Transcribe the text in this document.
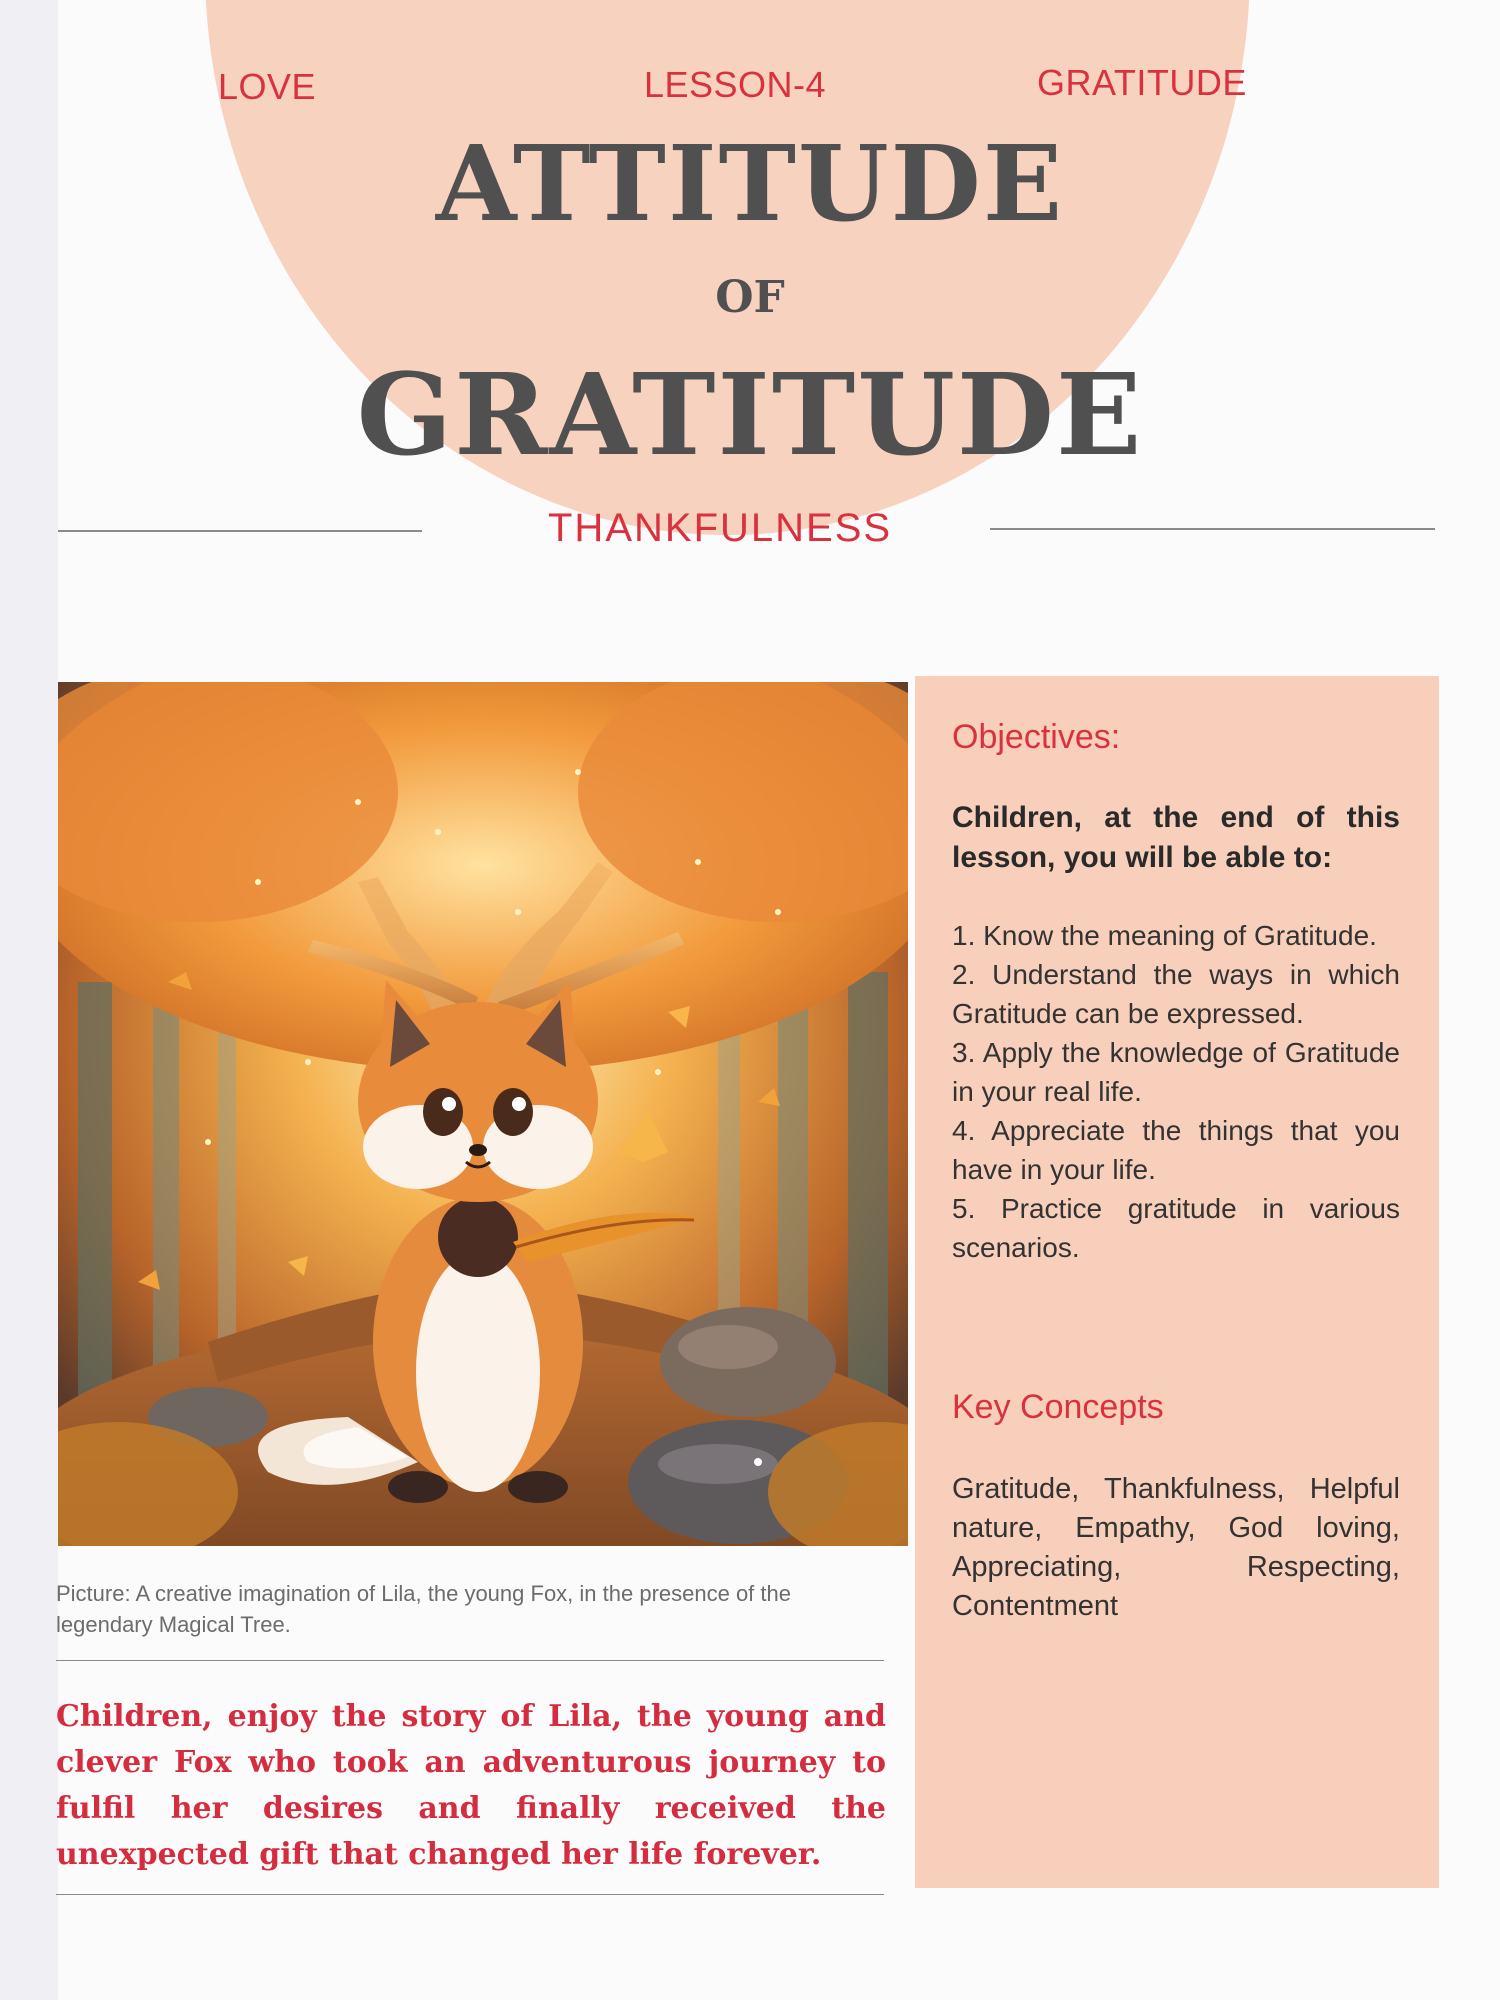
LOVE	LESSON-4	GRATITUDE
ATTITUDE
OF
GRATITUDE
THANKFULNESS
Picture: A creative imagination of Lila, the young Fox, in the presence of the legendary Magical Tree.
Children, enjoy the story of Lila, the young and clever Fox who took an adventurous journey to fulfil her desires and finally received the unexpected gift that changed her life forever.
Objectives:
Children, at the end of this lesson, you will be able to:
1. Know the meaning of Gratitude.
2. Understand the ways in which Gratitude can be expressed.
3. Apply the knowledge of Gratitude in your real life.
4. Appreciate the things that you have in your life.
5. Practice gratitude in various scenarios.
Key Concepts
Gratitude, Thankfulness, Helpful nature, Empathy, God loving, Appreciating, Respecting, Contentment
